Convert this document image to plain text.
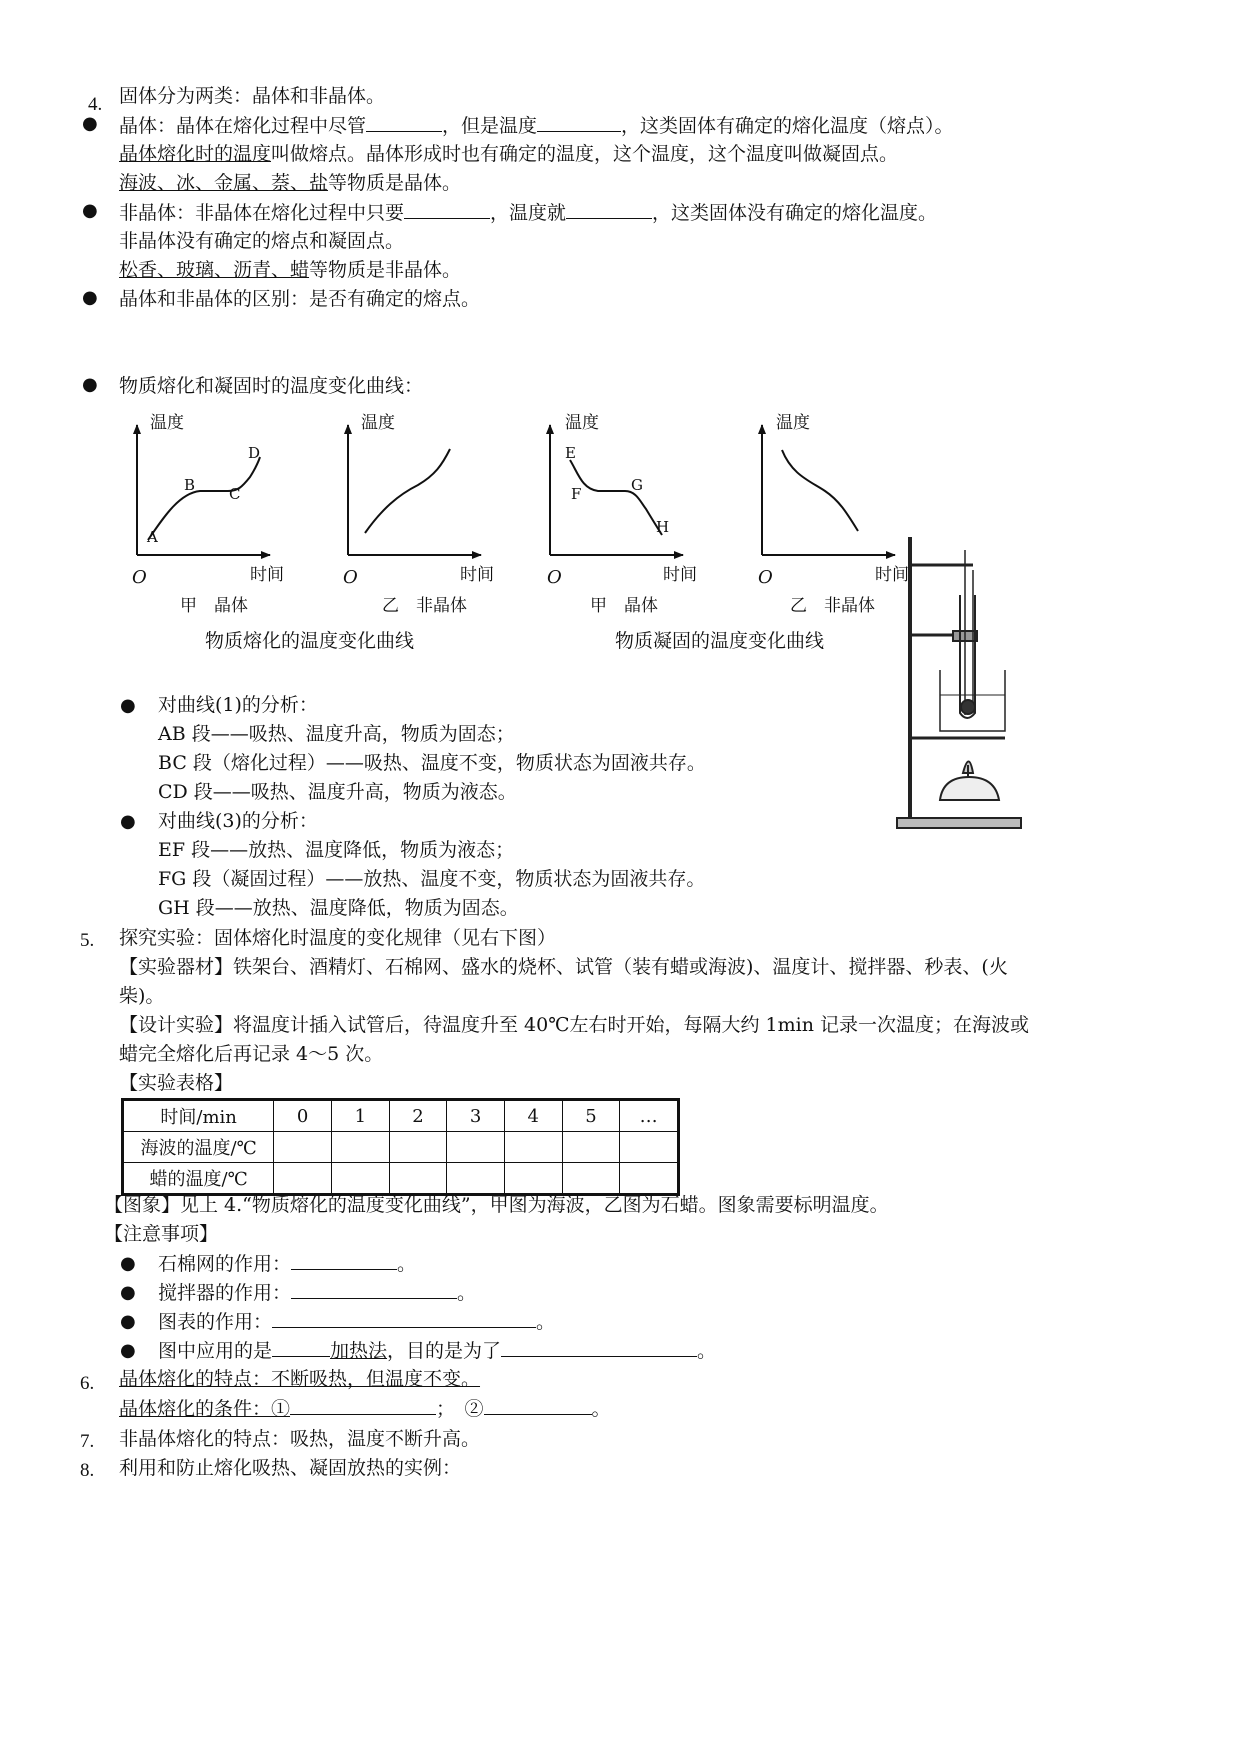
4. 固体分为两类：晶体和非晶体。
● 晶体：晶体在熔化过程中尽管	，但是温度	，这类固体有确定的熔化温度（熔点）。
晶体熔化时的温度叫做熔点。晶体形成时也有确定的温度，这个温度，这个温度叫做凝固点。
海波、冰、金属、萘、盐等物质是晶体。
● 非晶体：非晶体在熔化过程中只要	，温度就	，这类固体没有确定的熔化温度。
非晶体没有确定的熔点和凝固点。
松香、玻璃、沥青、蜡等物质是非晶体。
● 晶体和非晶体的区别：是否有确定的熔点。
● 物质熔化和凝固时的温度变化曲线：
温度	温度	温度	温度
时间	时间	时间	时间
O	O	O	O
A
B C
D	E
F	G
H
甲　晶体	乙　非晶体	甲　晶体	乙　非晶体
物质熔化的温度变化曲线	物质凝固的温度变化曲线
● 对曲线(1)的分析：
AB 段——吸热、温度升高，物质为固态；
BC 段（熔化过程）——吸热、温度不变，物质状态为固液共存。
CD 段——吸热、温度升高，物质为液态。
● 对曲线(3)的分析：
EF 段——放热、温度降低，物质为液态；
FG 段（凝固过程）——放热、温度不变，物质状态为固液共存。
GH 段——放热、温度降低，物质为固态。
5. 探究实验：固体熔化时温度的变化规律（见右下图）
【实验器材】铁架台、酒精灯、石棉网、盛水的烧杯、试管（装有蜡或海波)、温度计、搅拌器、秒表、(火
柴)。
【设计实验】将温度计插入试管后，待温度升至 40℃左右时开始，每隔大约 1min 记录一次温度；在海波或
蜡完全熔化后再记录 4～5 次。
【实验表格】
时间/min	0	1	2	3	4	5	…
海波的温度/℃							
蜡的温度/℃							
【图象】见上 4.“物质熔化的温度变化曲线”，甲图为海波，乙图为石蜡。图象需要标明温度。
【注意事项】
● 石棉网的作用：	。
● 搅拌器的作用：	。
● 图表的作用：	。
● 图中应用的是	加热法，目的是为了	。
6. 晶体熔化的特点：不断吸热，但温度不变。
晶体熔化的条件：①	；　②	。
7. 非晶体熔化的特点：吸热，温度不断升高。
8. 利用和防止熔化吸热、凝固放热的实例：
